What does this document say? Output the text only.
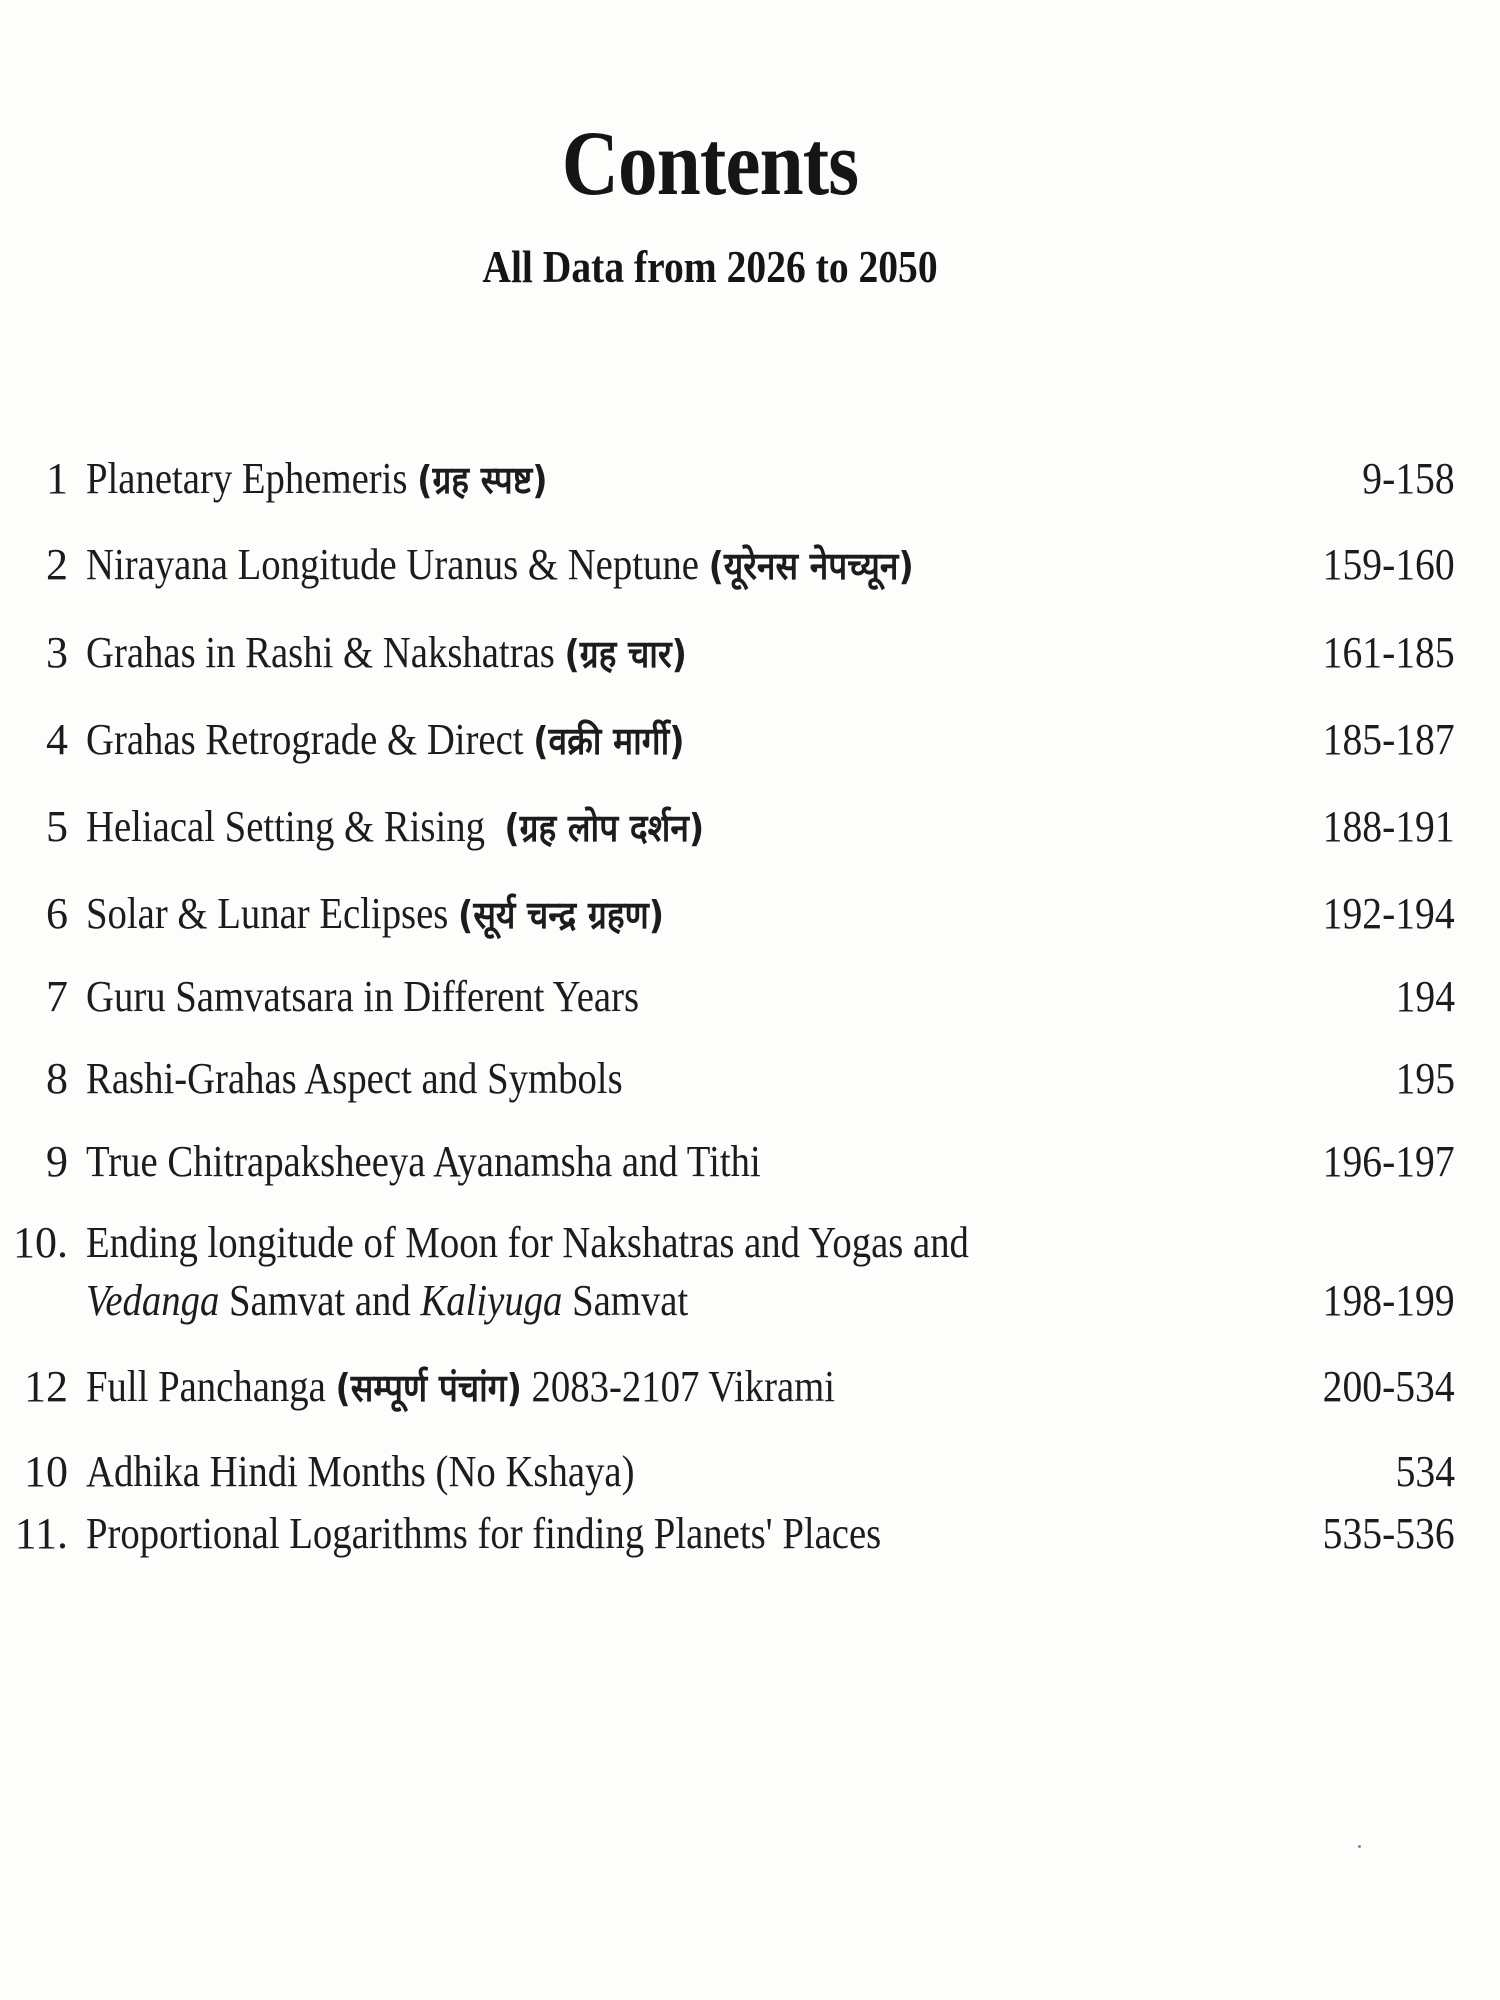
Contents
All Data from 2026 to 2050
1 Planetary Ephemeris (ग्रह स्पष्ट)	9-158
2 Nirayana Longitude Uranus & Neptune (यूरेनस नेपच्यून)	159-160
3 Grahas in Rashi & Nakshatras (ग्रह चार)	161-185
4 Grahas Retrograde & Direct (वक्री मार्गी)	185-187
5 Heliacal Setting & Rising (ग्रह लोप दर्शन)	188-191
6 Solar & Lunar Eclipses (सूर्य चन्द्र ग्रहण)	192-194
7 Guru Samvatsara in Different Years	194
8 Rashi-Grahas Aspect and Symbols	195
9 True Chitrapaksheeya Ayanamsha and Tithi	196-197
10. Ending longitude of Moon for Nakshatras and Yogas and
Vedanga Samvat and Kaliyuga Samvat	198-199
12 Full Panchanga (सम्पूर्ण पंचांग) 2083-2107 Vikrami	200-534
10 Adhika Hindi Months (No Kshaya)	534
11. Proportional Logarithms for finding Planets' Places	535-536
